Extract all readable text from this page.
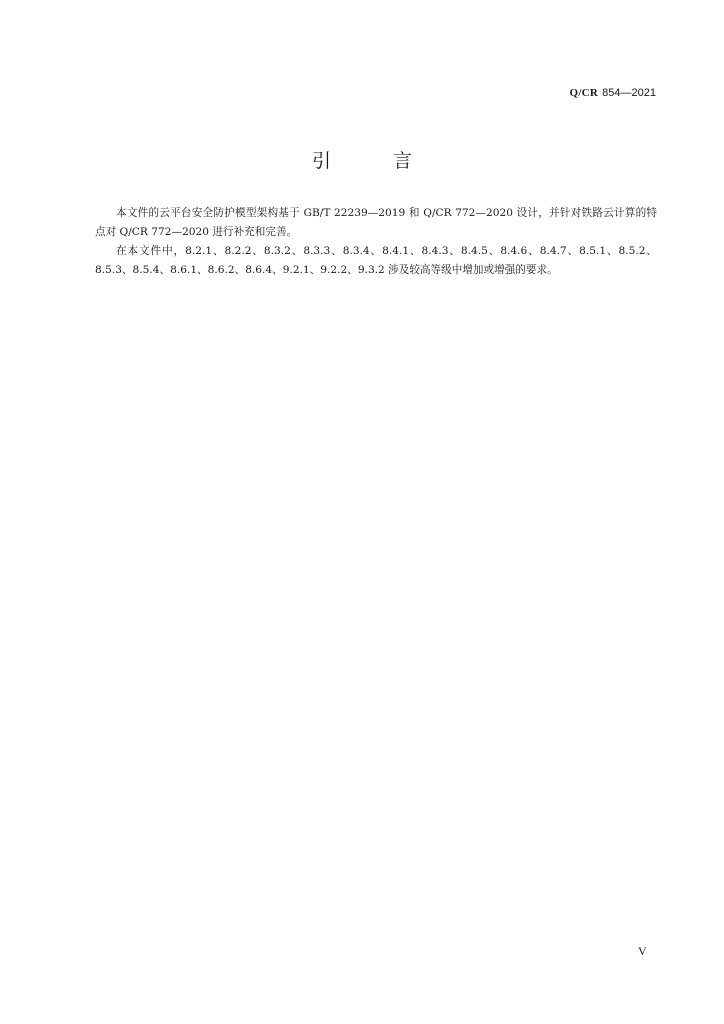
Q/CR 854—2021
引 言

本文件的云平台安全防护模型架构基于 GB/T 22239—2019 和 Q/CR 772—2020 设计，并针对铁路云计算的特点对 Q/CR 772—2020 进行补充和完善。

在本文件中，8.2.1、8.2.2、8.3.2、8.3.3、8.3.4、8.4.1、8.4.3、8.4.5、8.4.6、8.4.7、8.5.1、8.5.2、8.5.3、8.5.4、8.6.1、8.6.2、8.6.4、9.2.1、9.2.2、9.3.2 涉及较高等级中增加或增强的要求。

V
